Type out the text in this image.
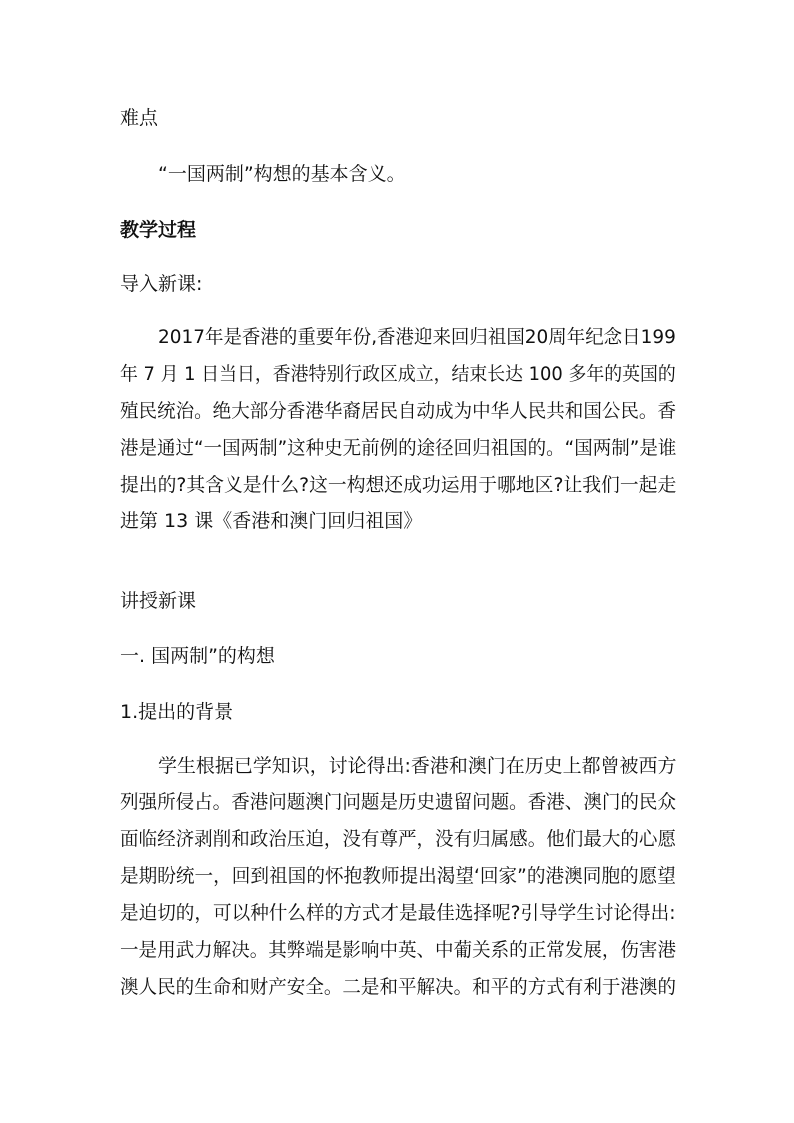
难点
“一国两制”构想的基本含义。
教学过程
导入新课:
2017年是香港的重要年份,香港迎来回归祖国20周年纪念日199
年 7 月 1 日当日，香港特别行政区成立，结束长达 100 多年的英国的
殖民统治。绝大部分香港华裔居民自动成为中华人民共和国公民。香
港是通过“一国两制”这种史无前例的途径回归祖国的。“国两制”是谁
提出的?其含义是什么?这一构想还成功运用于哪地区?让我们一起走
进第 13 课《香港和澳门回归祖国》
讲授新课
一. 国两制”的构想
1.提出的背景
学生根据已学知识，讨论得出:香港和澳门在历史上都曾被西方
列强所侵占。香港问题澳门问题是历史遗留问题。香港、澳门的民众
面临经济剥削和政治压迫，没有尊严，没有归属感。他们最大的心愿
是期盼统一，回到祖国的怀抱教师提出渴望‘回家”的港澳同胞的愿望
是迫切的，可以种什么样的方式才是最佳选择呢?引导学生讨论得出:
一是用武力解决。其弊端是影响中英、中葡关系的正常发展，伤害港
澳人民的生命和财产安全。二是和平解决。和平的方式有利于港澳的
